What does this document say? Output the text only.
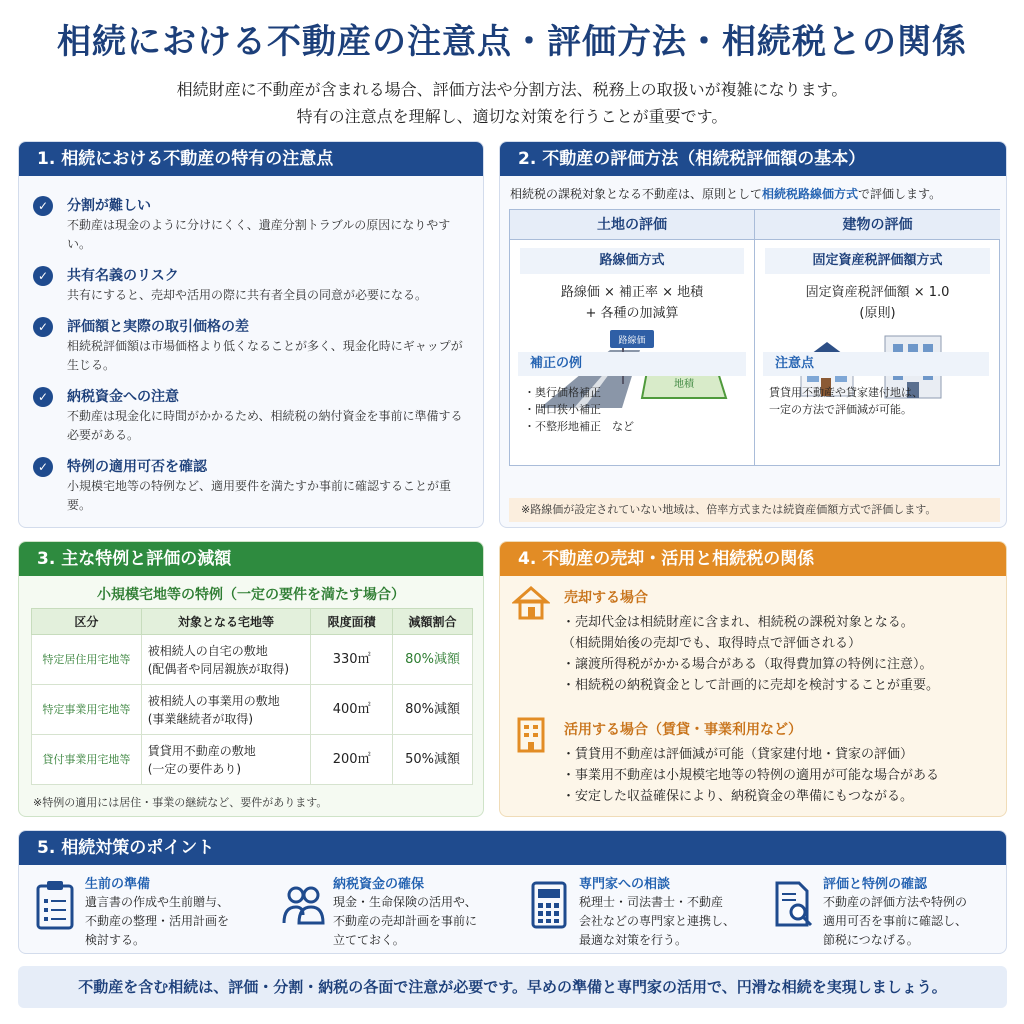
相続における不動産の注意点・評価方法・相続税との関係
相続財産に不動産が含まれる場合、評価方法や分割方法、税務上の取扱いが複雑になります。
特有の注意点を理解し、適切な対策を行うことが重要です。
1. 相続における不動産の特有の注意点
✓	分割が難しい
不動産は現金のように分けにくく、遺産分割トラブルの原因になりやすい。
✓	共有名義のリスク
共有にすると、売却や活用の際に共有者全員の同意が必要になる。
✓	評価額と実際の取引価格の差
相続税評価額は市場価格より低くなることが多く、現金化時にギャップが生じる。
✓	納税資金への注意
不動産は現金化に時間がかかるため、相続税の納付資金を事前に準備する必要がある。
✓	特例の適用可否を確認
小規模宅地等の特例など、適用要件を満たすか事前に確認することが重要。
2. 不動産の評価方法（相続税評価額の基本）
相続税の課税対象となる不動産は、原則として相続税路線価方式で評価します。
土地の評価
路線価方式
路線価 × 補正率 × 地積
+ 各種の加減算
路線価
地積
建物の評価
固定資産税評価額方式
固定資産税評価額 × 1.0
(原則)
補正の例
・奥行価格補正
・間口狭小補正
・不整形地補正　など
注意点
賃貸用不動産や貸家建付地は、
一定の方法で評価減が可能。
※路線価が設定されていない地域は、倍率方式または続資産価額方式で評価します。
3. 主な特例と評価の減額
小規模宅地等の特例（一定の要件を満たす場合）
区分	対象となる宅地等	限度面積	減額割合
特定居住用宅地等	被相続人の自宅の敷地
(配偶者や同居親族が取得)	330㎡	80%減額
特定事業用宅地等	被相続人の事業用の敷地
(事業継続者が取得)	400㎡	80%減額
貸付事業用宅地等	賃貸用不動産の敷地
(一定の要件あり)	200㎡	50%減額
※特例の適用には居住・事業の継続など、要件があります。
4. 不動産の売却・活用と相続税の関係
売却する場合
・売却代金は相続財産に含まれ、相続税の課税対象となる。
（相続開始後の売却でも、取得時点で評価される）
・譲渡所得税がかかる場合がある（取得費加算の特例に注意）。
・相続税の納税資金として計画的に売却を検討することが重要。
活用する場合（賃貸・事業利用など）
・賃貸用不動産は評価減が可能（貸家建付地・貸家の評価）
・事業用不動産は小規模宅地等の特例の適用が可能な場合がある
・安定した収益確保により、納税資金の準備にもつながる。
5. 相続対策のポイント
生前の準備
遺言書の作成や生前贈与、
不動産の整理・活用計画を
検討する。
納税資金の確保
現金・生命保険の活用や、
不動産の売却計画を事前に
立てておく。
専門家への相談
税理士・司法書士・不動産
会社などの専門家と連携し、
最適な対策を行う。
評価と特例の確認
不動産の評価方法や特例の
適用可否を事前に確認し、
節税につなげる。
不動産を含む相続は、評価・分割・納税の各面で注意が必要です。早めの準備と専門家の活用で、円滑な相続を実現しましょう。
